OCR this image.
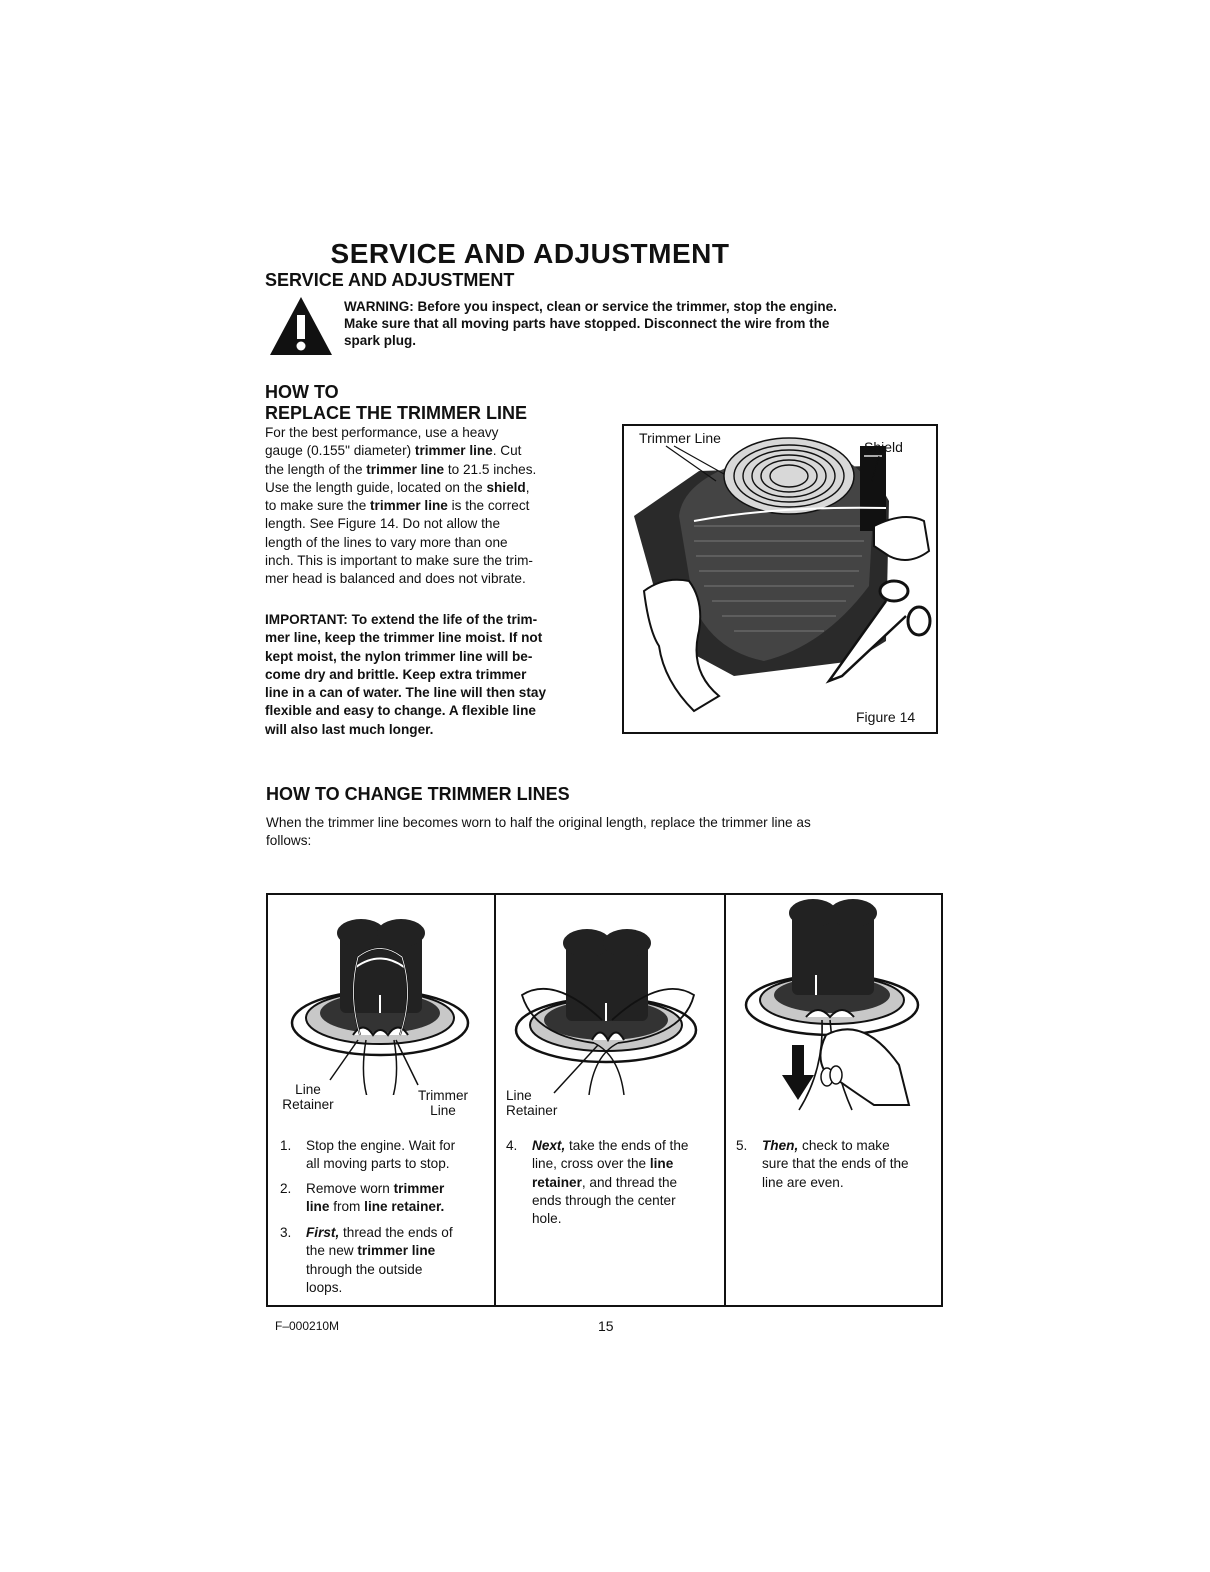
SERVICE AND ADJUSTMENT
SERVICE AND ADJUSTMENT
WARNING: Before you inspect, clean or service the trimmer, stop the engine.
Make sure that all moving parts have stopped. Disconnect the wire from the
spark plug.
HOW TO
REPLACE THE TRIMMER LINE
For the best performance, use a heavy
gauge (0.155" diameter) trimmer line. Cut
the length of the trimmer line to 21.5 inches.
Use the length guide, located on the shield,
to make sure the trimmer line is the correct
length. See Figure 14. Do not allow the
length of the lines to vary more than one
inch. This is important to make sure the trim-
mer head is balanced and does not vibrate.
IMPORTANT: To extend the life of the trim-
mer line, keep the trimmer line moist. If not
kept moist, the nylon trimmer line will be-
come dry and brittle. Keep extra trimmer
line in a can of water. The line will then stay
flexible and easy to change. A flexible line
will also last much longer.
Trimmer Line
Shield
Figure 14
HOW TO CHANGE TRIMMER LINES
When the trimmer line becomes worn to half the original length, replace the trimmer line as
follows:
Line
Retainer
Trimmer
Line
1. Stop the engine. Wait for
all moving parts to stop.
2. Remove worn trimmer
line from line retainer.
3. First, thread the ends of
the new trimmer line
through the outside
loops.
Line
Retainer
4. Next, take the ends of the
line, cross over the line
retainer, and thread the
ends through the center
hole.
5. Then, check to make
sure that the ends of the
line are even.
F–000210M	15
